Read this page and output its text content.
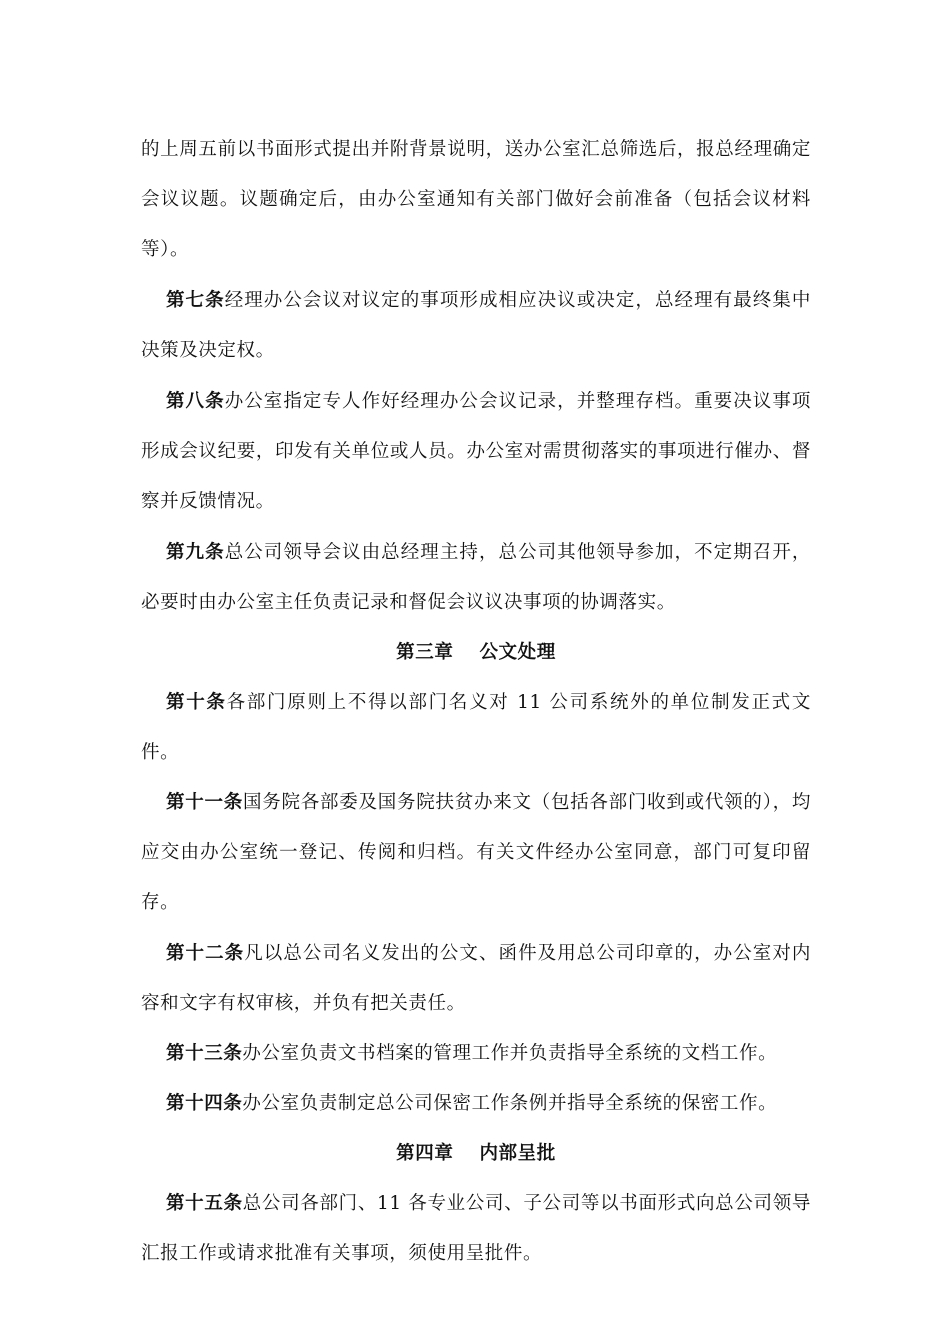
的上周五前以书面形式提出并附背景说明，送办公室汇总筛选后，报总经理确定会议议题。议题确定后，由办公室通知有关部门做好会前准备（包括会议材料等）。

第七条经理办公会议对议定的事项形成相应决议或决定，总经理有最终集中决策及决定权。

第八条办公室指定专人作好经理办公会议记录，并整理存档。重要决议事项形成会议纪要，印发有关单位或人员。办公室对需贯彻落实的事项进行催办、督察并反馈情况。

第九条总公司领导会议由总经理主持，总公司其他领导参加，不定期召开，必要时由办公室主任负责记录和督促会议议决事项的协调落实。

第三章 公文处理

第十条各部门原则上不得以部门名义对 11 公司系统外的单位制发正式文件。

第十一条国务院各部委及国务院扶贫办来文（包括各部门收到或代领的），均应交由办公室统一登记、传阅和归档。有关文件经办公室同意，部门可复印留存。

第十二条凡以总公司名义发出的公文、函件及用总公司印章的，办公室对内容和文字有权审核，并负有把关责任。

第十三条办公室负责文书档案的管理工作并负责指导全系统的文档工作。

第十四条办公室负责制定总公司保密工作条例并指导全系统的保密工作。

第四章 内部呈批

第十五条总公司各部门、11 各专业公司、子公司等以书面形式向总公司领导汇报工作或请求批准有关事项，须使用呈批件。
